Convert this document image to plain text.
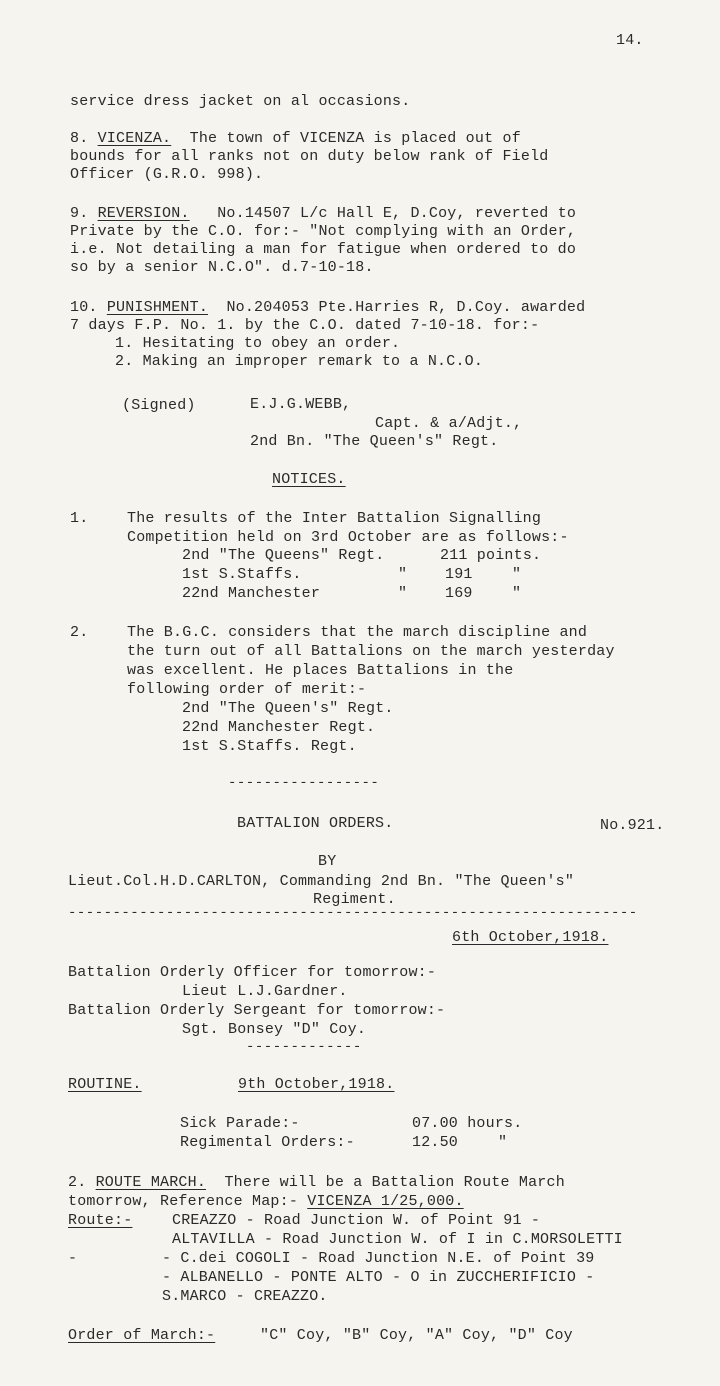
14.
service dress jacket on al occasions.
8. VICENZA. The town of VICENZA is placed out of
bounds for all ranks not on duty below rank of Field
Officer (G.R.O. 998).
9. REVERSION. No.14507 L/c Hall E, D.Coy, reverted to
Private by the C.O. for:- "Not complying with an Order,
i.e. Not detailing a man for fatigue when ordered to do
so by a senior N.C.O". d.7-10-18.
10. PUNISHMENT. No.204053 Pte.Harries R, D.Coy. awarded
7 days F.P. No. 1. by the C.O. dated 7-10-18. for:-
1. Hesitating to obey an order.
2. Making an improper remark to a N.C.O.
(Signed)	E.J.G.WEBB,
Capt. & a/Adjt.,
2nd Bn. "The Queen's" Regt.
NOTICES.
1.	The results of the Inter Battalion Signalling
Competition held on 3rd October are as follows:-
2nd "The Queens" Regt.	211 points.
1st S.Staffs.	"	191	"
22nd Manchester	"	169	"
2.	The B.G.C. considers that the march discipline and
the turn out of all Battalions on the march yesterday
was excellent. He places Battalions in the
following order of merit:-
2nd "The Queen's" Regt.
22nd Manchester Regt.
1st S.Staffs. Regt.
-----------------
BATTALION ORDERS.	No.921.
BY
Lieut.Col.H.D.CARLTON, Commanding 2nd Bn. "The Queen's"
Regiment.
----------------------------------------------------------------
6th October,1918.
Battalion Orderly Officer for tomorrow:-
Lieut L.J.Gardner.
Battalion Orderly Sergeant for tomorrow:-
Sgt. Bonsey "D" Coy.
-------------
ROUTINE.	9th October,1918.
Sick Parade:-	07.00 hours.
Regimental Orders:-	12.50	"
2. ROUTE MARCH. There will be a Battalion Route March
tomorrow, Reference Map:- VICENZA 1/25,000.
Route:-	CREAZZO - Road Junction W. of Point 91 -
ALTAVILLA - Road Junction W. of I in C.MORSOLETTI
-	- C.dei COGOLI - Road Junction N.E. of Point 39
- ALBANELLO - PONTE ALTO - O in ZUCCHERIFICIO -
S.MARCO - CREAZZO.
Order of March:-	"C" Coy, "B" Coy, "A" Coy, "D" Coy
